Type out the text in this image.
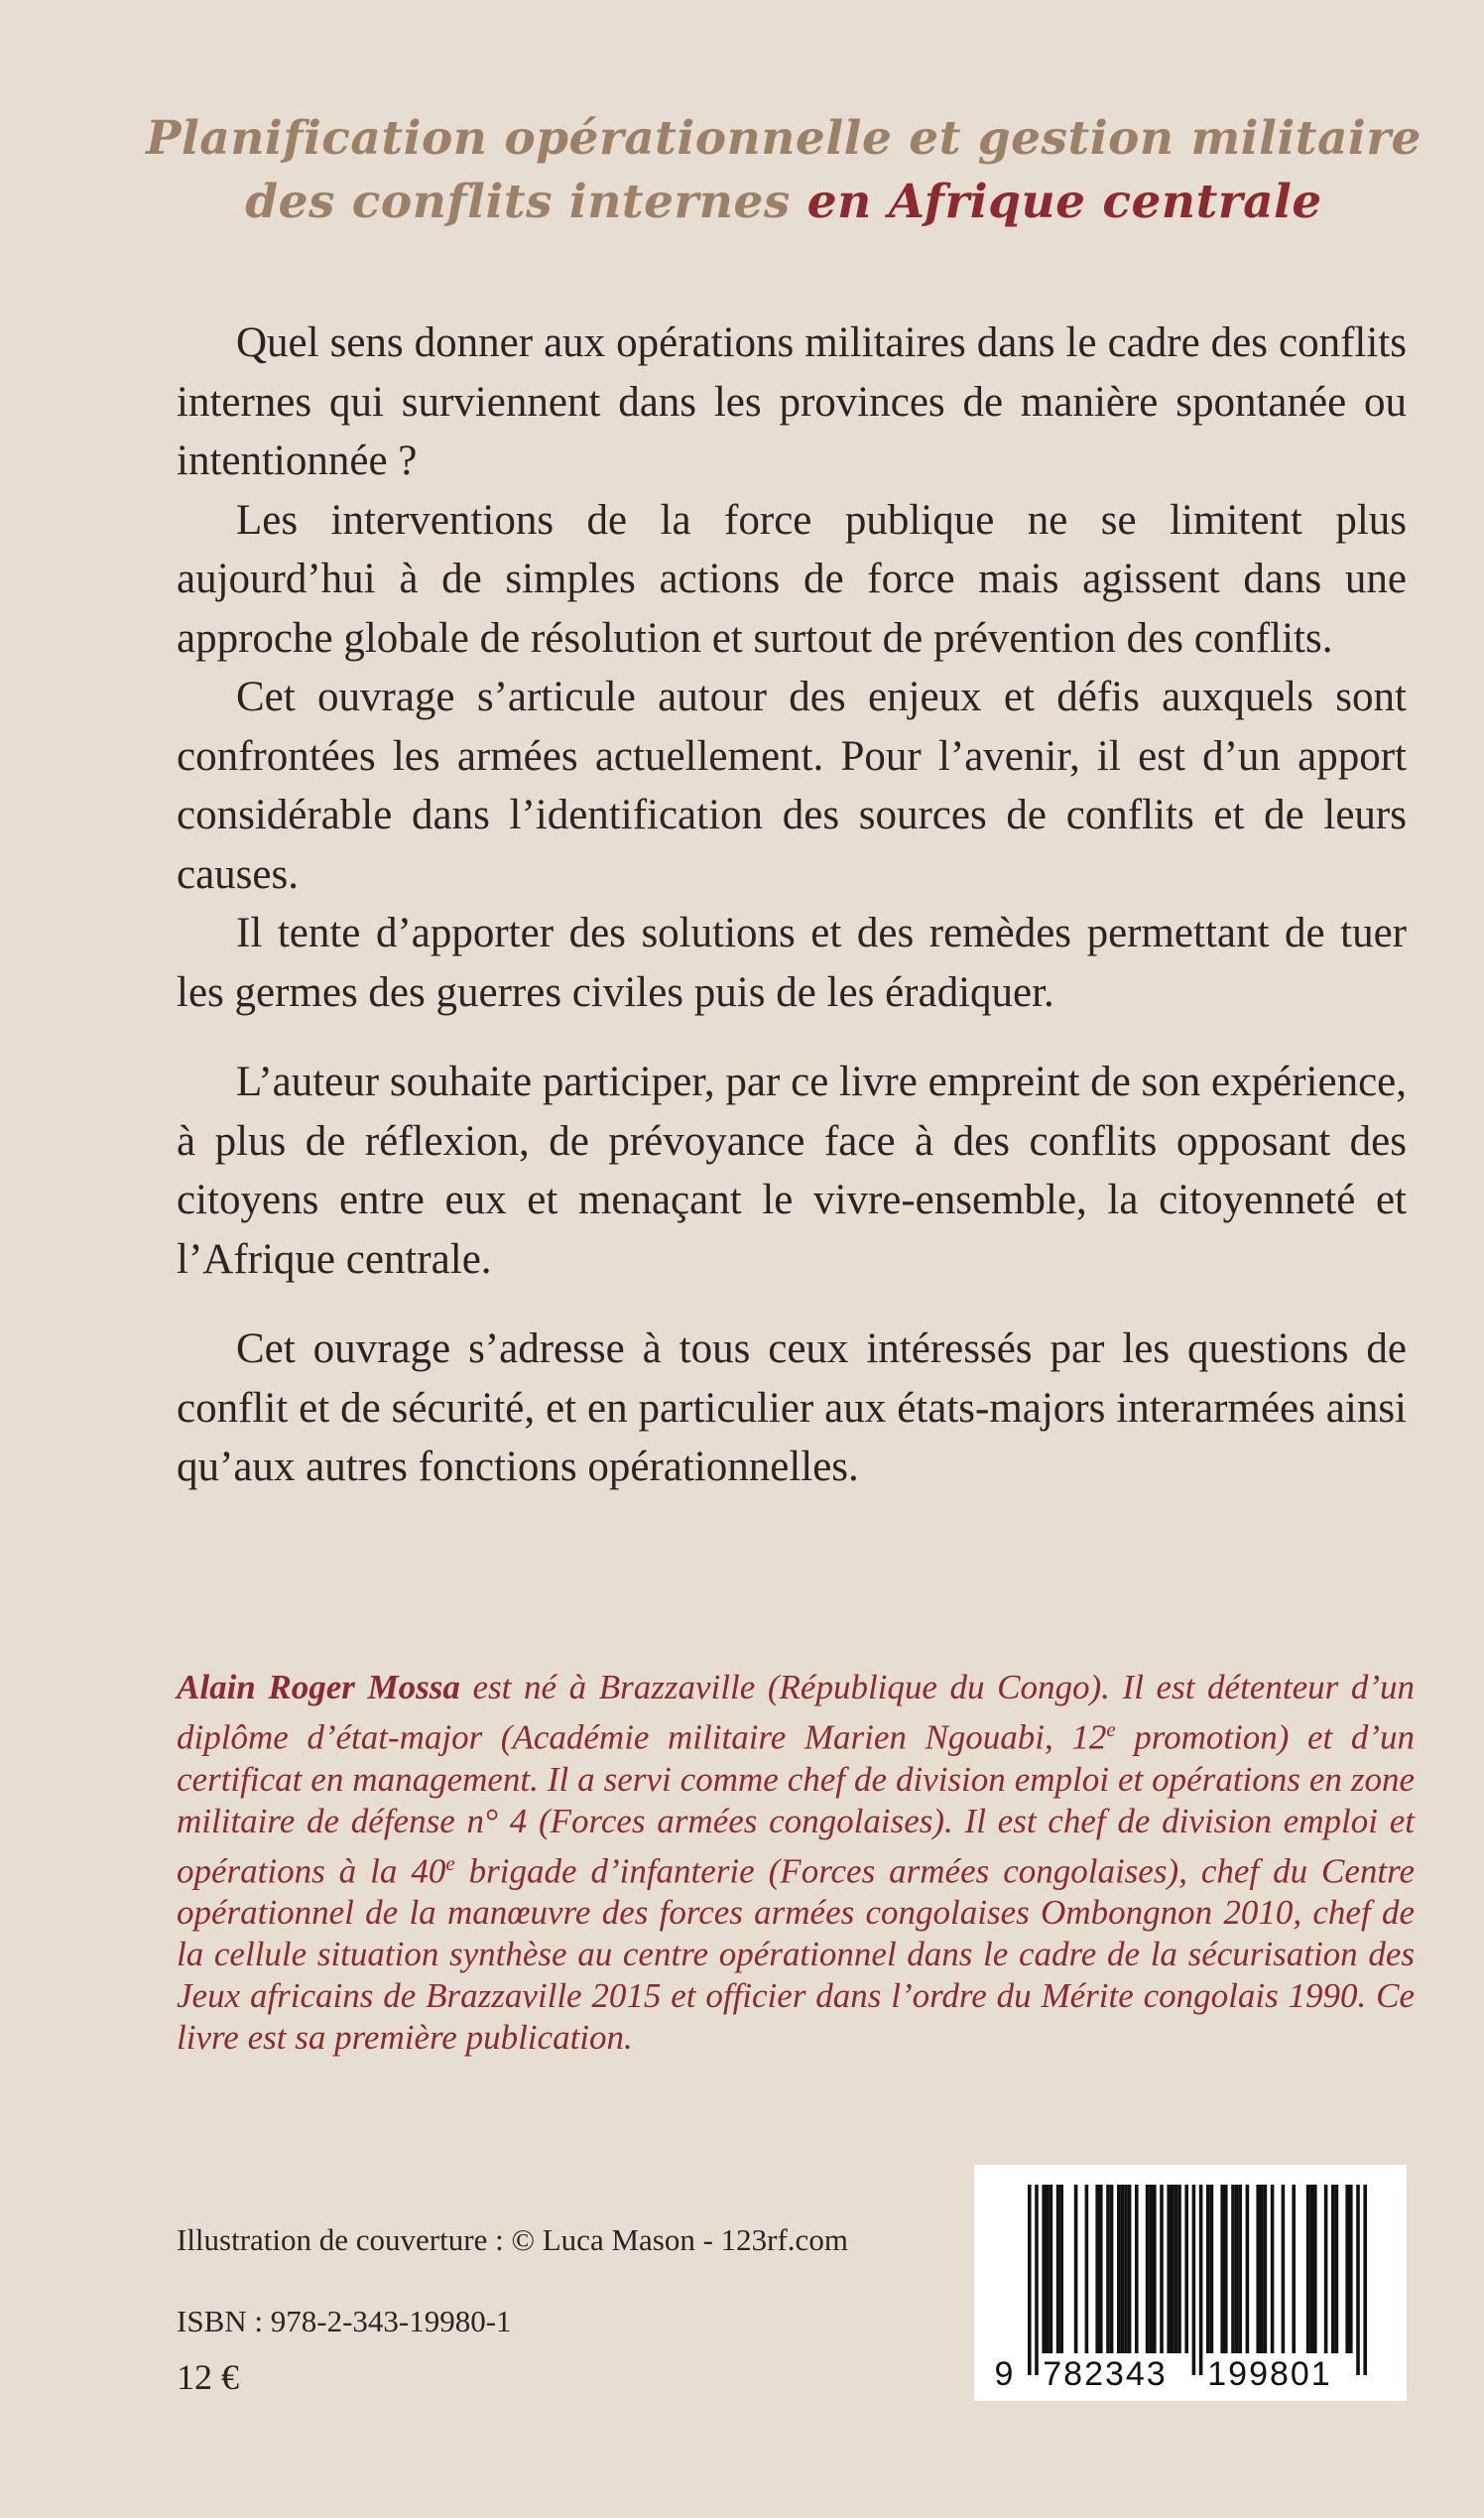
Planification opérationnelle et gestion militaire
des conflits internes en Afrique centrale

Quel sens donner aux opérations militaires dans le cadre des conflits internes qui surviennent dans les provinces de manière spontanée ou intentionnée ?

Les interventions de la force publique ne se limitent plus aujourd’hui à de simples actions de force mais agissent dans une approche globale de résolution et surtout de prévention des conflits.

Cet ouvrage s’articule autour des enjeux et défis auxquels sont confrontées les armées actuellement. Pour l’avenir, il est d’un apport considérable dans l’identification des sources de conflits et de leurs causes.

Il tente d’apporter des solutions et des remèdes permettant de tuer les germes des guerres civiles puis de les éradiquer.

L’auteur souhaite participer, par ce livre empreint de son expérience, à plus de réflexion, de prévoyance face à des conflits opposant des citoyens entre eux et menaçant le vivre-ensemble, la citoyenneté et l’Afrique centrale.

Cet ouvrage s’adresse à tous ceux intéressés par les questions de conflit et de sécurité, et en particulier aux états-majors interarmées ainsi qu’aux autres fonctions opérationnelles.

Alain Roger Mossa est né à Brazzaville (République du Congo). Il est détenteur d’un diplôme d’état-major (Académie militaire Marien Ngouabi, 12e promotion) et d’un certificat en management. Il a servi comme chef de division emploi et opérations en zone militaire de défense n° 4 (Forces armées congolaises). Il est chef de division emploi et opérations à la 40e brigade d’infanterie (Forces armées congolaises), chef du Centre opérationnel de la manœuvre des forces armées congolaises Ombongnon 2010, chef de la cellule situation synthèse au centre opérationnel dans le cadre de la sécurisation des Jeux africains de Brazzaville 2015 et officier dans l’ordre du Mérite congolais 1990. Ce livre est sa première publication.
Illustration de couverture : © Luca Mason - 123rf.com
ISBN : 978-2-343-19980-1
12 €	9 782343 199801
